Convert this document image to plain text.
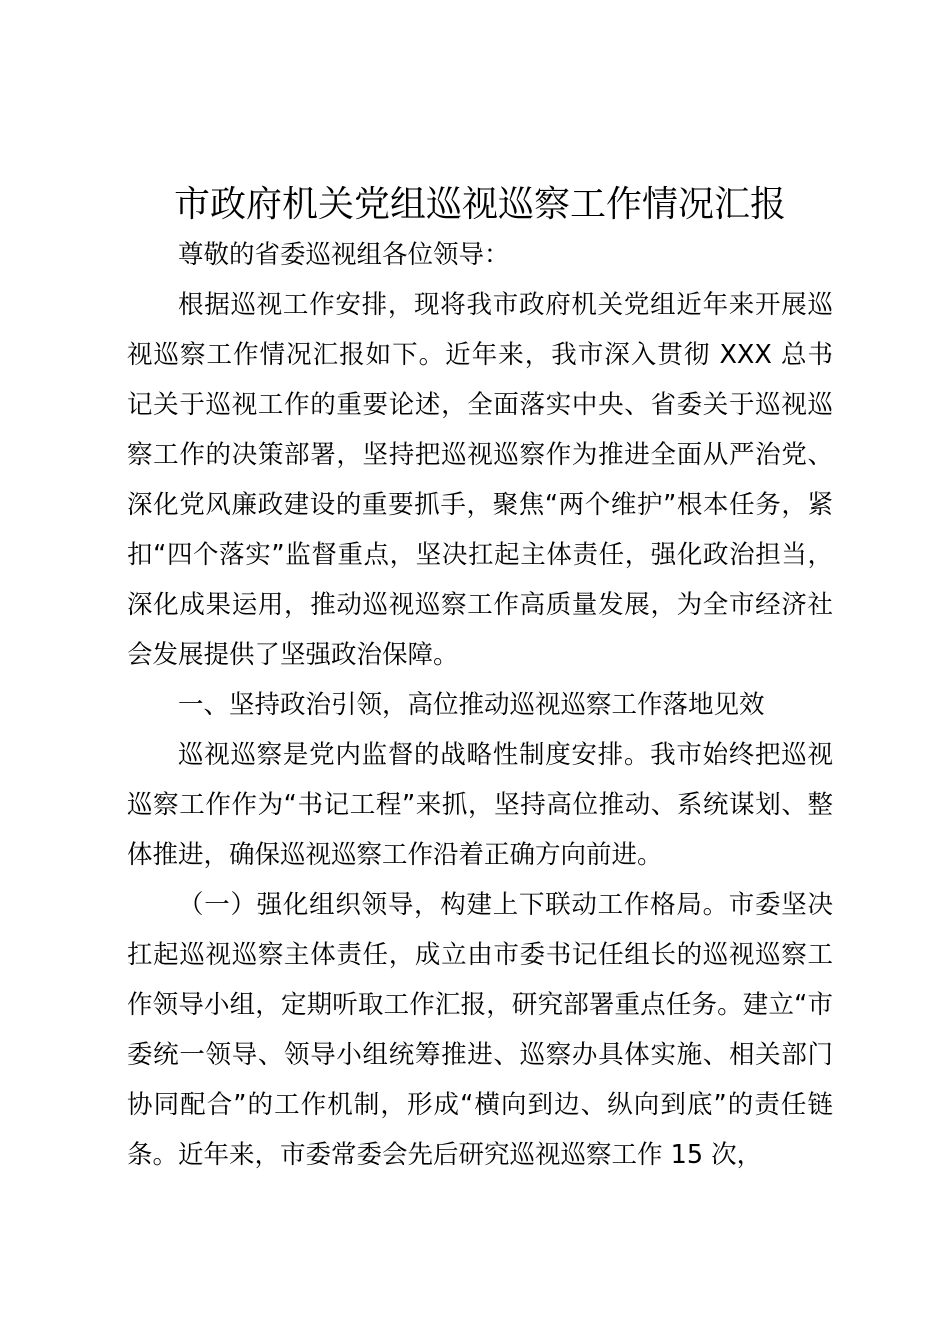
市政府机关党组巡视巡察工作情况汇报

尊敬的省委巡视组各位领导：

根据巡视工作安排，现将我市政府机关党组近年来开展巡视巡察工作情况汇报如下。近年来，我市深入贯彻 XXX 总书记关于巡视工作的重要论述，全面落实中央、省委关于巡视巡察工作的决策部署，坚持把巡视巡察作为推进全面从严治党、深化党风廉政建设的重要抓手，聚焦“两个维护”根本任务，紧扣“四个落实”监督重点，坚决扛起主体责任，强化政治担当，深化成果运用，推动巡视巡察工作高质量发展，为全市经济社会发展提供了坚强政治保障。

一、坚持政治引领，高位推动巡视巡察工作落地见效

巡视巡察是党内监督的战略性制度安排。我市始终把巡视巡察工作作为“书记工程”来抓，坚持高位推动、系统谋划、整体推进，确保巡视巡察工作沿着正确方向前进。

（一）强化组织领导，构建上下联动工作格局。市委坚决扛起巡视巡察主体责任，成立由市委书记任组长的巡视巡察工作领导小组，定期听取工作汇报，研究部署重点任务。建立“市委统一领导、领导小组统筹推进、巡察办具体实施、相关部门协同配合”的工作机制，形成“横向到边、纵向到底”的责任链条。近年来，市委常委会先后研究巡视巡察工作 15 次，
